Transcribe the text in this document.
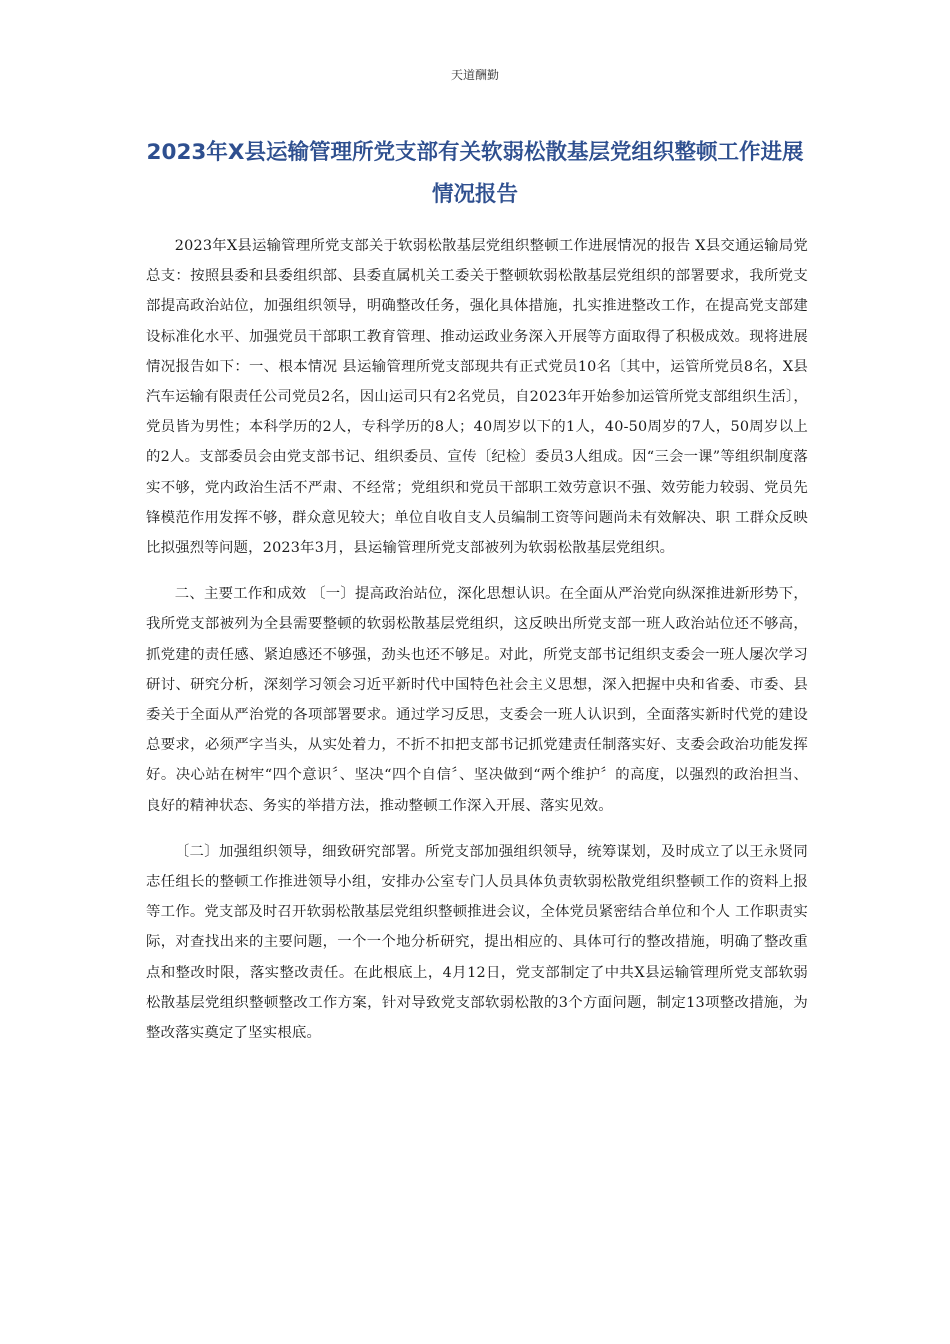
天道酬勤
2023年X县运输管理所党支部有关软弱松散基层党组织整顿工作进展情况报告

2023年X县运输管理所党支部关于软弱松散基层党组织整顿工作进展情况的报告 X县交通运输局党总支：按照县委和县委组织部、县委直属机关工委关于整顿软弱松散基层党组织的部署要求，我所党支部提高政治站位，加强组织领导，明确整改任务，强化具体措施，扎实推进整改工作，在提高党支部建设标准化水平、加强党员干部职工教育管理、推动运政业务深入开展等方面取得了积极成效。现将进展情况报告如下：一、根本情况 县运输管理所党支部现共有正式党员10名〔其中，运管所党员8名，X县汽车运输有限责任公司党员2名，因山运司只有2名党员，自2023年开始参加运管所党支部组织生活〕，党员皆为男性；本科学历的2人，专科学历的8人；40周岁以下的1人，40-50周岁的7人，50周岁以上的2人。支部委员会由党支部书记、组织委员、宣传〔纪检〕委员3人组成。因“三会一课”等组织制度落实不够，党内政治生活不严肃、不经常；党组织和党员干部职工效劳意识不强、效劳能力较弱、党员先锋模范作用发挥不够，群众意见较大；单位自收自支人员编制工资等问题尚未有效解决、职 工群众反映比拟强烈等问题，2023年3月，县运输管理所党支部被列为软弱松散基层党组织。

二、主要工作和成效 〔一〕提高政治站位，深化思想认识。在全面从严治党向纵深推进新形势下，我所党支部被列为全县需要整顿的软弱松散基层党组织，这反映出所党支部一班人政治站位还不够高，抓党建的责任感、紧迫感还不够强，劲头也还不够足。对此，所党支部书记组织支委会一班人屡次学习研讨、研究分析，深刻学习领会习近平新时代中国特色社会主义思想，深入把握中央和省委、市委、县委关于全面从严治党的各项部署要求。通过学习反思，支委会一班人认识到，全面落实新时代党的建设总要求，必须严字当头，从实处着力，不折不扣把支部书记抓党建责任制落实好、支委会政治功能发挥好。决心站在树牢“四个意识〞、坚决“四个自信〞、坚决做到“两个维护〞的高度，以强烈的政治担当、良好的精神状态、务实的举措方法，推动整顿工作深入开展、落实见效。

〔二〕加强组织领导，细致研究部署。所党支部加强组织领导，统筹谋划，及时成立了以王永贤同志任组长的整顿工作推进领导小组，安排办公室专门人员具体负责软弱松散党组织整顿工作的资料上报等工作。党支部及时召开软弱松散基层党组织整顿推进会议，全体党员紧密结合单位和个人 工作职责实际，对查找出来的主要问题，一个一个地分析研究，提出相应的、具体可行的整改措施，明确了整改重点和整改时限，落实整改责任。在此根底上，4月12日，党支部制定了中共X县运输管理所党支部软弱松散基层党组织整顿整改工作方案，针对导致党支部软弱松散的3个方面问题，制定13项整改措施，为整改落实奠定了坚实根底。
